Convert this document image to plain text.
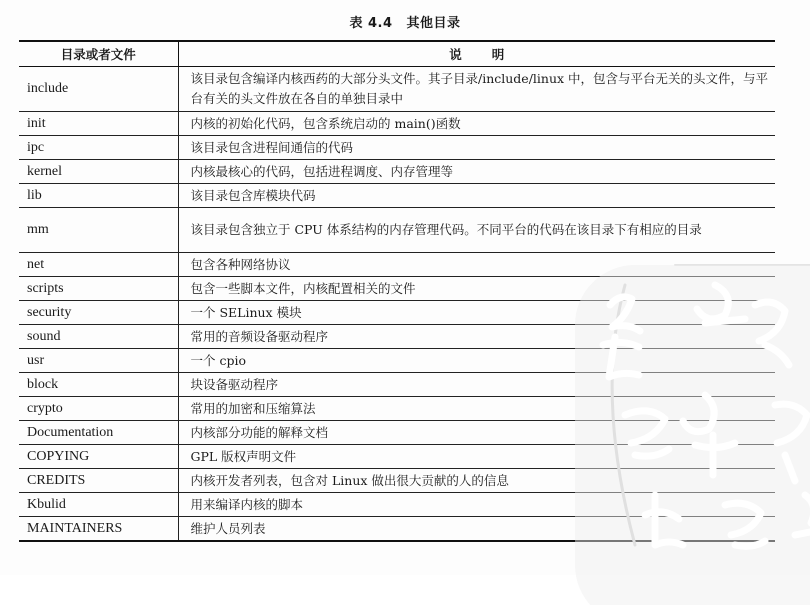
表 4.4 其他目录
目录或者文件	说明
include	该目录包含编译内核西药的大部分头文件。其子目录/include/linux 中，包含与平台无关的头文件，与平台有关的头文件放在各自的单独目录中
init	内核的初始化代码，包含系统启动的 main()函数
ipc	该目录包含进程间通信的代码
kernel	内核最核心的代码，包括进程调度、内存管理等
lib	该目录包含库模块代码
mm	该目录包含独立于 CPU 体系结构的内存管理代码。不同平台的代码在该目录下有相应的目录
net	包含各种网络协议
scripts	包含一些脚本文件，内核配置相关的文件
security	一个 SELinux 模块
sound	常用的音频设备驱动程序
usr	一个 cpio
block	块设备驱动程序
crypto	常用的加密和压缩算法
Documentation	内核部分功能的解释文档
COPYING	GPL 版权声明文件
CREDITS	内核开发者列表，包含对 Linux 做出很大贡献的人的信息
Kbulid	用来编译内核的脚本
MAINTAINERS	维护人员列表
